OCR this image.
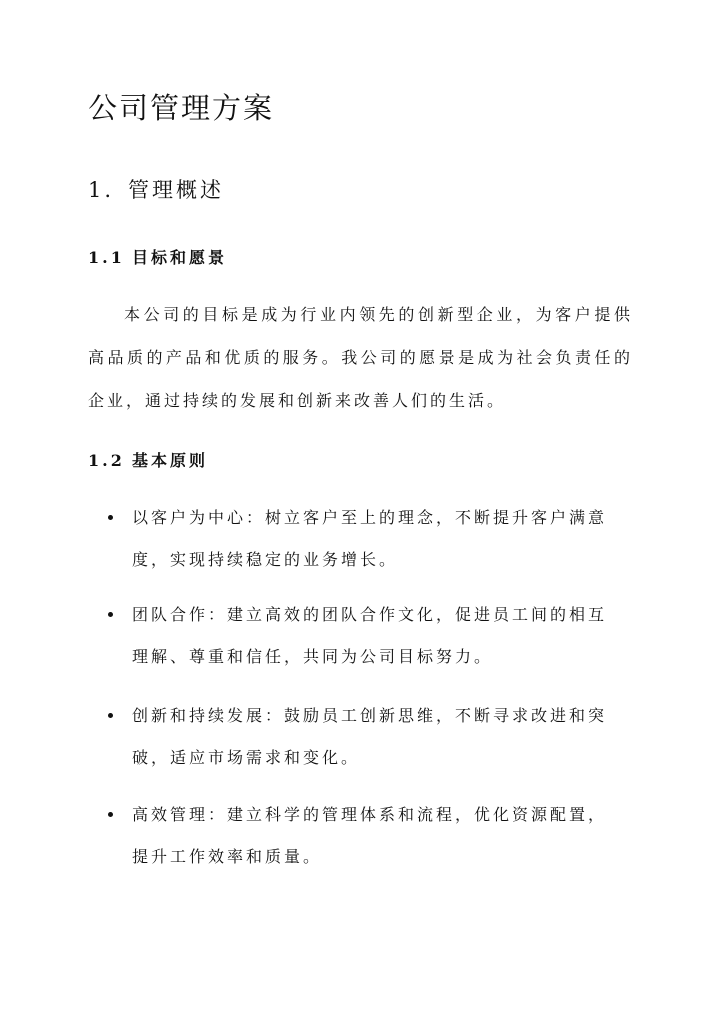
公司管理方案
1. 管理概述
1.1 目标和愿景
本公司的目标是成为行业内领先的创新型企业，为客户提供高品质的产品和优质的服务。我公司的愿景是成为社会负责任的企业，通过持续的发展和创新来改善人们的生活。
1.2 基本原则
以客户为中心：树立客户至上的理念，不断提升客户满意度，实现持续稳定的业务增长。
团队合作：建立高效的团队合作文化，促进员工间的相互理解、尊重和信任，共同为公司目标努力。
创新和持续发展：鼓励员工创新思维，不断寻求改进和突破，适应市场需求和变化。
高效管理：建立科学的管理体系和流程，优化资源配置，提升工作效率和质量。
